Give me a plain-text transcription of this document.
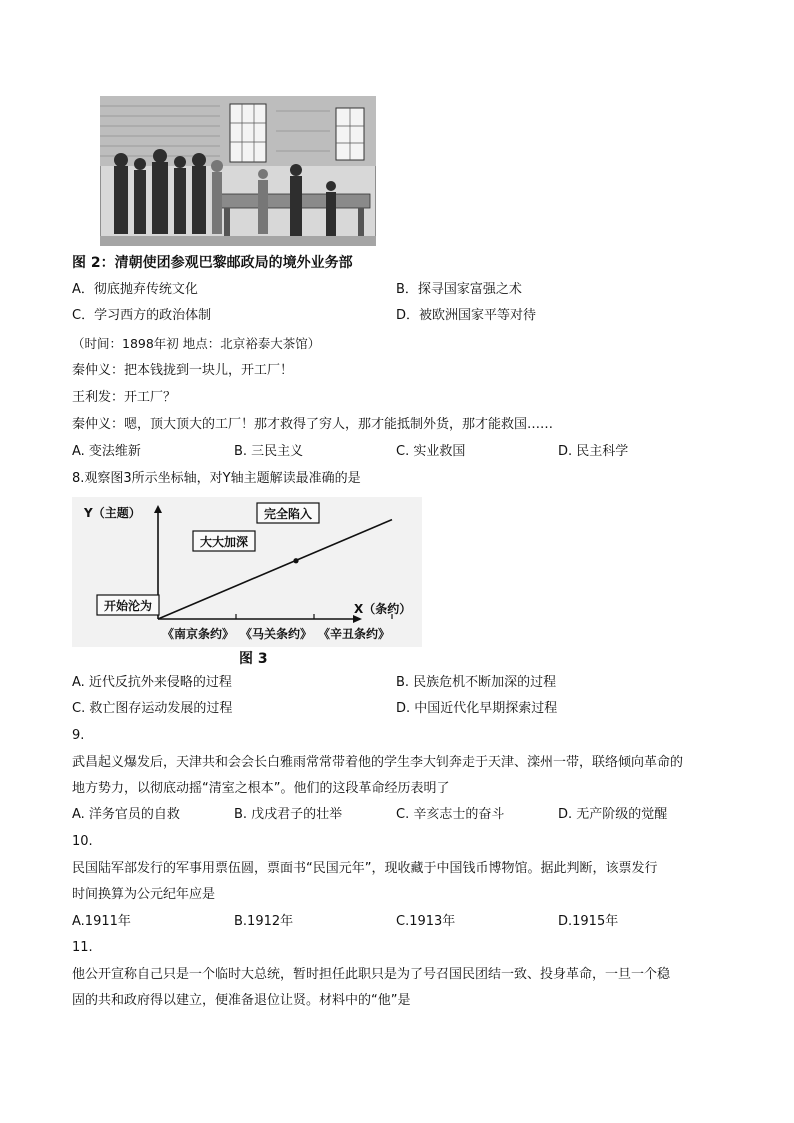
图 2：清朝使团参观巴黎邮政局的境外业务部
A．彻底抛弃传统文化	B．探寻国家富强之术
C．学习西方的政治体制	D．被欧洲国家平等对待
（时间：1898年初 地点：北京裕泰大茶馆）
秦仲义：把本钱拢到一块儿，开工厂！
王利发：开工厂？
秦仲义：嗯，顶大顶大的工厂！那才救得了穷人，那才能抵制外货，那才能救国……
A. 变法维新	B. 三民主义	C. 实业救国	D. 民主科学
8.观察图3所示坐标轴，对Y轴主题解读最准确的是
Y（主题）
X（条约）
《南京条约》 《马关条约》 《辛丑条约》
开始沦为
大大加深
完全陷入
图 3
A. 近代反抗外来侵略的过程	B. 民族危机不断加深的过程
C. 救亡图存运动发展的过程	D. 中国近代化早期探索过程
9.
武昌起义爆发后，天津共和会会长白雅雨常常带着他的学生李大钊奔走于天津、滦州一带，联络倾向革命的
地方势力，以彻底动摇“清室之根本”。他们的这段革命经历表明了
A. 洋务官员的自救	B. 戊戌君子的壮举	C. 辛亥志士的奋斗	D. 无产阶级的觉醒
10.
民国陆军部发行的军事用票伍圆，票面书“民国元年”，现收藏于中国钱币博物馆。据此判断，该票发行
时间换算为公元纪年应是
A.1911年	B.1912年	C.1913年	D.1915年
11.
他公开宣称自己只是一个临时大总统，暂时担任此职只是为了号召国民团结一致、投身革命，一旦一个稳
固的共和政府得以建立，便准备退位让贤。材料中的“他”是
